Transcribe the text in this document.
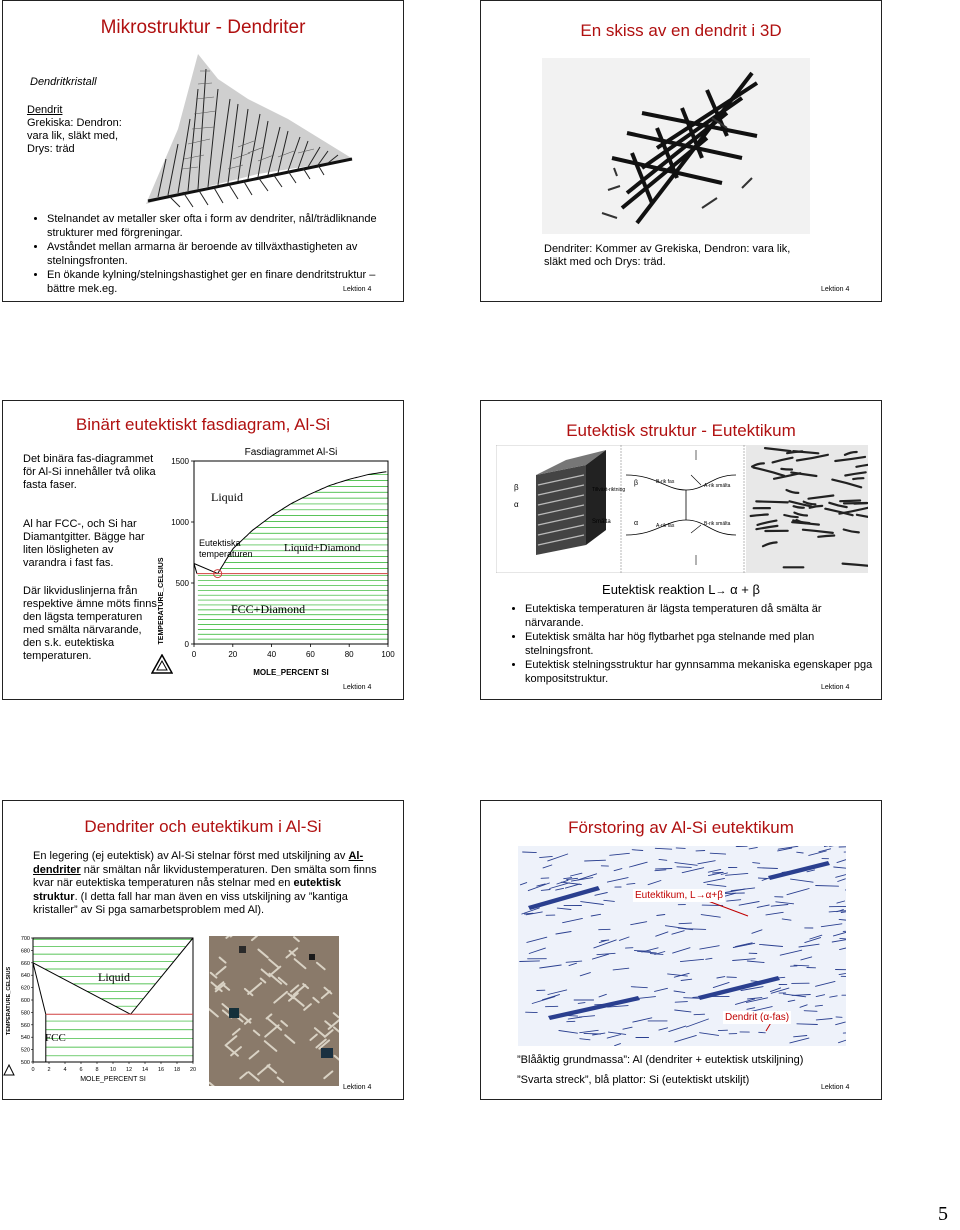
Mikrostruktur - Dendriter
Dendritkristall
Dendrit
Grekiska: Dendron:
vara lik, släkt med,
Drys: träd
• Stelnandet av metaller sker ofta i form av dendriter, nål/trädliknande strukturer med förgreningar.
• Avståndet mellan armarna är beroende av tillväxthastigheten av stelningsfronten.
• En ökande kylning/stelningshastighet ger en finare dendritstruktur – bättre mek.eg.	Lektion 4
En skiss av en dendrit i 3D
Dendriter: Kommer av Grekiska, Dendron: vara lik, släkt med och Drys: träd.
Lektion 4
Binärt eutektiskt fasdiagram, Al-Si
Det binära fas-diagrammet för Al-Si innehåller två olika fasta faser.
Al har FCC-, och Si har Diamantgitter. Bägge har liten lösligheten av varandra i fast fas.
Där likviduslinjerna från respektive ämne möts finns den lägsta temperaturen med smälta närvarande, den s.k. eutektiska temperaturen.
Fasdiagrammet Al-Si
TEMPERATURE_CELSIUS
MOLE_PERCENT SI
0
500
1000
1500
0	20	40	60	80	100
Liquid
Liquid+Diamond
FCC+Diamond
Eutektiska
temperaturen
Lektion 4
Eutektisk struktur - Eutektikum
β
α
Tillväxt-riktning
Smälta
β
α
B-rik fas
A-rik fas
A-rik smälta
B-rik smälta
Eutektisk reaktion L→ α + β
• Eutektiska temperaturen är lägsta temperaturen då smälta är närvarande.
• Eutektisk smälta har hög flytbarhet pga stelnande med plan stelningsfront.
• Eutektisk stelningsstruktur har gynnsamma mekaniska egenskaper pga kompositstruktur.
Lektion 4
Dendriter och eutektikum i Al-Si
En legering (ej eutektisk) av Al-Si stelnar först med utskiljning av Al-dendriter när smältan når likvidustemperaturen. Den smälta som finns kvar när eutektiska temperaturen nås stelnar med en eutektisk struktur. (I detta fall har man även en viss utskiljning av ”kantiga kristaller” av Si pga samarbetsproblem med Al).
TEMPERATURE_CELSIUS
MOLE_PERCENT SI
500
520
540
560
580
600
620
640
660
680
700
0 2 4 6 8 10 12 14 16 18 20
Liquid
FCC
Lektion 4
Förstoring av Al-Si eutektikum
Eutektikum, L→α+β
Dendrit (α-fas)
”Blååktig grundmassa”: Al (dendriter + eutektisk utskiljning)
”Svarta streck”, blå plattor: Si (eutektiskt utskiljt)
Lektion 4
5
